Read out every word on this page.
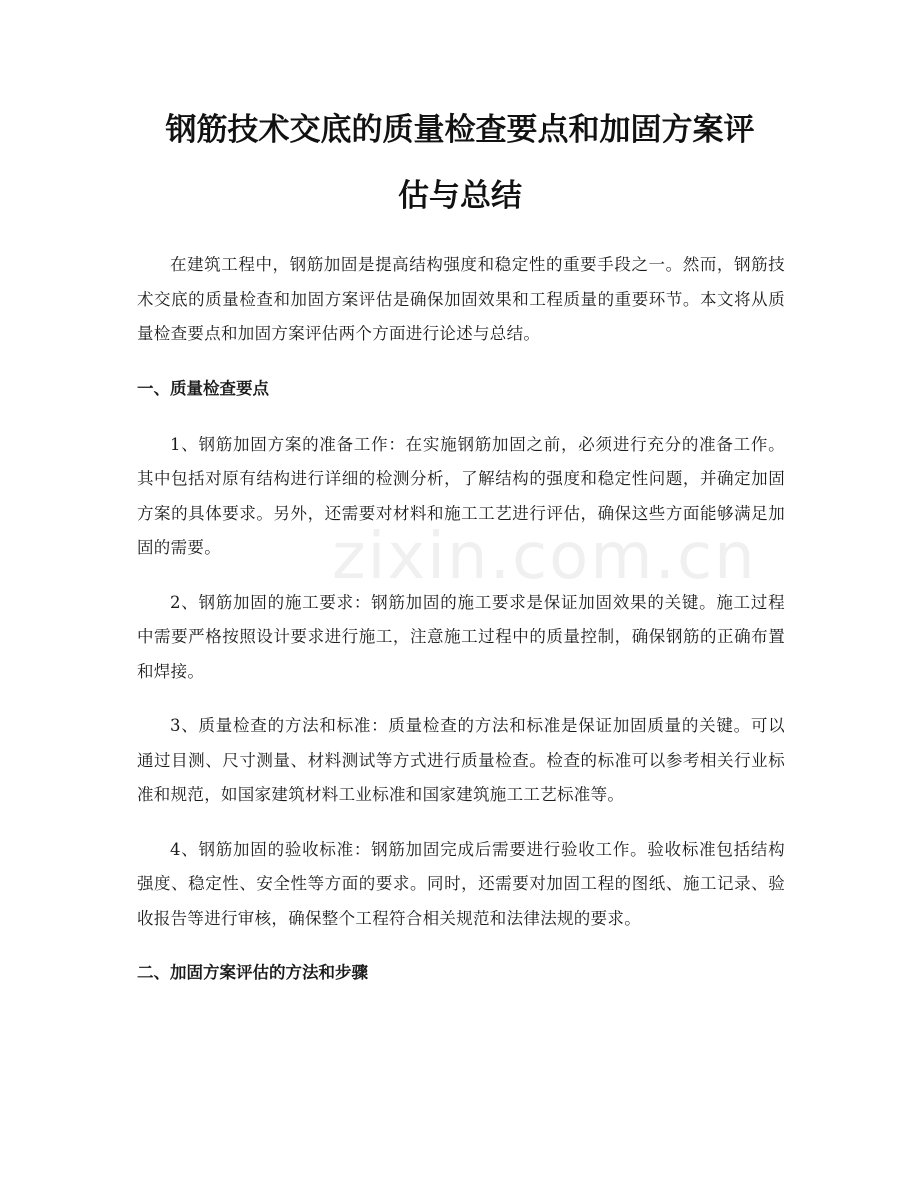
钢筋技术交底的质量检查要点和加固方案评
估与总结

在建筑工程中，钢筋加固是提高结构强度和稳定性的重要手段之一。然而，钢筋技术交底的质量检查和加固方案评估是确保加固效果和工程质量的重要环节。本文将从质量检查要点和加固方案评估两个方面进行论述与总结。

一、质量检查要点

1、钢筋加固方案的准备工作：在实施钢筋加固之前，必须进行充分的准备工作。其中包括对原有结构进行详细的检测分析，了解结构的强度和稳定性问题，并确定加固方案的具体要求。另外，还需要对材料和施工工艺进行评估，确保这些方面能够满足加固的需要。

2、钢筋加固的施工要求：钢筋加固的施工要求是保证加固效果的关键。施工过程中需要严格按照设计要求进行施工，注意施工过程中的质量控制，确保钢筋的正确布置和焊接。

3、质量检查的方法和标准：质量检查的方法和标准是保证加固质量的关键。可以通过目测、尺寸测量、材料测试等方式进行质量检查。检查的标准可以参考相关行业标准和规范，如国家建筑材料工业标准和国家建筑施工工艺标准等。

4、钢筋加固的验收标准：钢筋加固完成后需要进行验收工作。验收标准包括结构强度、稳定性、安全性等方面的要求。同时，还需要对加固工程的图纸、施工记录、验收报告等进行审核，确保整个工程符合相关规范和法律法规的要求。

二、加固方案评估的方法和步骤
zixin.com.cn
